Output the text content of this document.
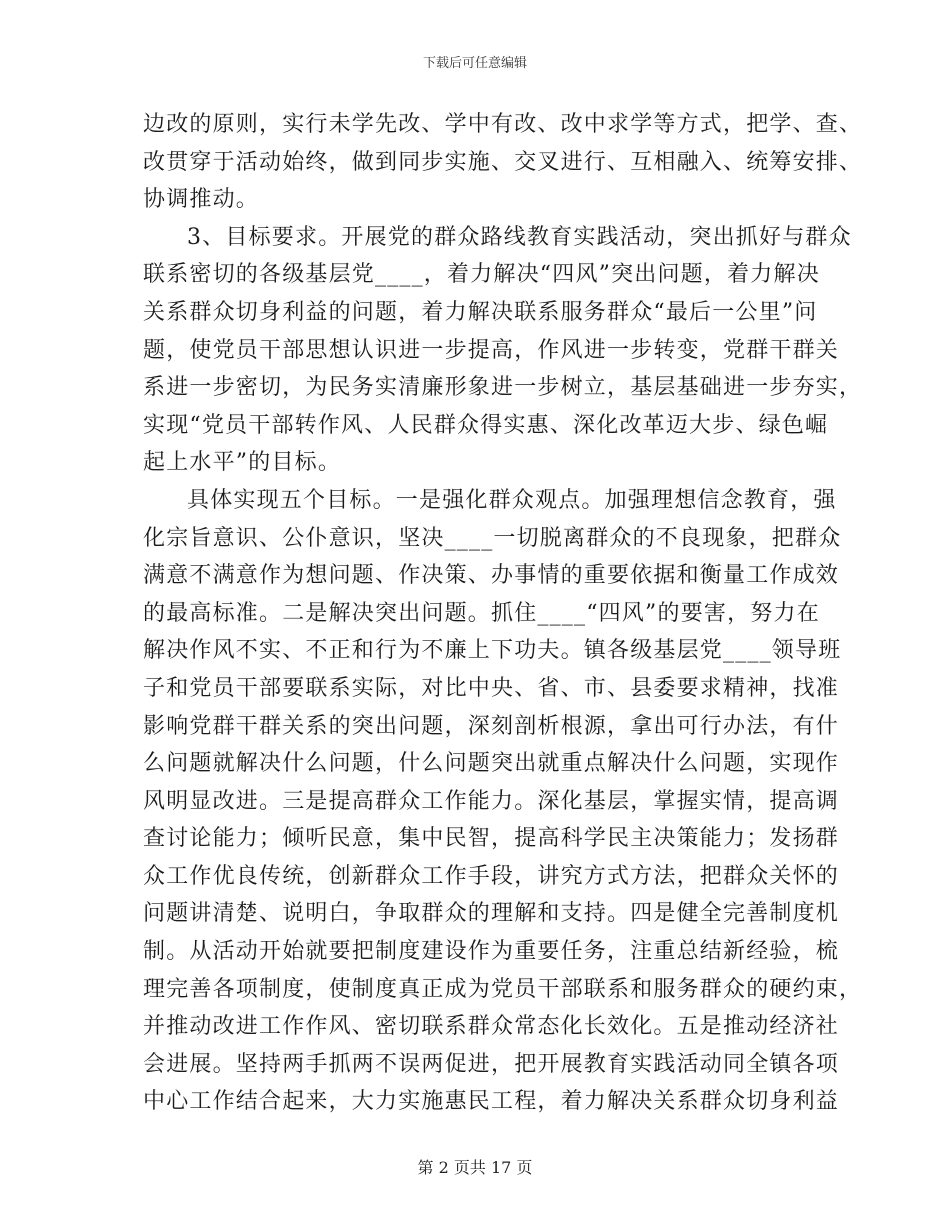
下载后可任意编辑
边改的原则，实行未学先改、学中有改、改中求学等方式，把学、查、
改贯穿于活动始终，做到同步实施、交叉进行、互相融入、统筹安排、
协调推动。
3、目标要求。开展党的群众路线教育实践活动，突出抓好与群众
联系密切的各级基层党____，着力解决“四风”突出问题，着力解决
关系群众切身利益的问题，着力解决联系服务群众“最后一公里”问
题，使党员干部思想认识进一步提高，作风进一步转变，党群干群关
系进一步密切，为民务实清廉形象进一步树立，基层基础进一步夯实，
实现“党员干部转作风、人民群众得实惠、深化改革迈大步、绿色崛
起上水平”的目标。
具体实现五个目标。一是强化群众观点。加强理想信念教育，强
化宗旨意识、公仆意识，坚决____一切脱离群众的不良现象，把群众
满意不满意作为想问题、作决策、办事情的重要依据和衡量工作成效
的最高标准。二是解决突出问题。抓住____“四风”的要害，努力在
解决作风不实、不正和行为不廉上下功夫。镇各级基层党____领导班
子和党员干部要联系实际，对比中央、省、市、县委要求精神，找准
影响党群干群关系的突出问题，深刻剖析根源，拿出可行办法，有什
么问题就解决什么问题，什么问题突出就重点解决什么问题，实现作
风明显改进。三是提高群众工作能力。深化基层，掌握实情，提高调
查讨论能力；倾听民意，集中民智，提高科学民主决策能力；发扬群
众工作优良传统，创新群众工作手段，讲究方式方法，把群众关怀的
问题讲清楚、说明白，争取群众的理解和支持。四是健全完善制度机
制。从活动开始就要把制度建设作为重要任务，注重总结新经验，梳
理完善各项制度，使制度真正成为党员干部联系和服务群众的硬约束，
并推动改进工作作风、密切联系群众常态化长效化。五是推动经济社
会进展。坚持两手抓两不误两促进，把开展教育实践活动同全镇各项
中心工作结合起来，大力实施惠民工程，着力解决关系群众切身利益
第 2 页共 17 页
